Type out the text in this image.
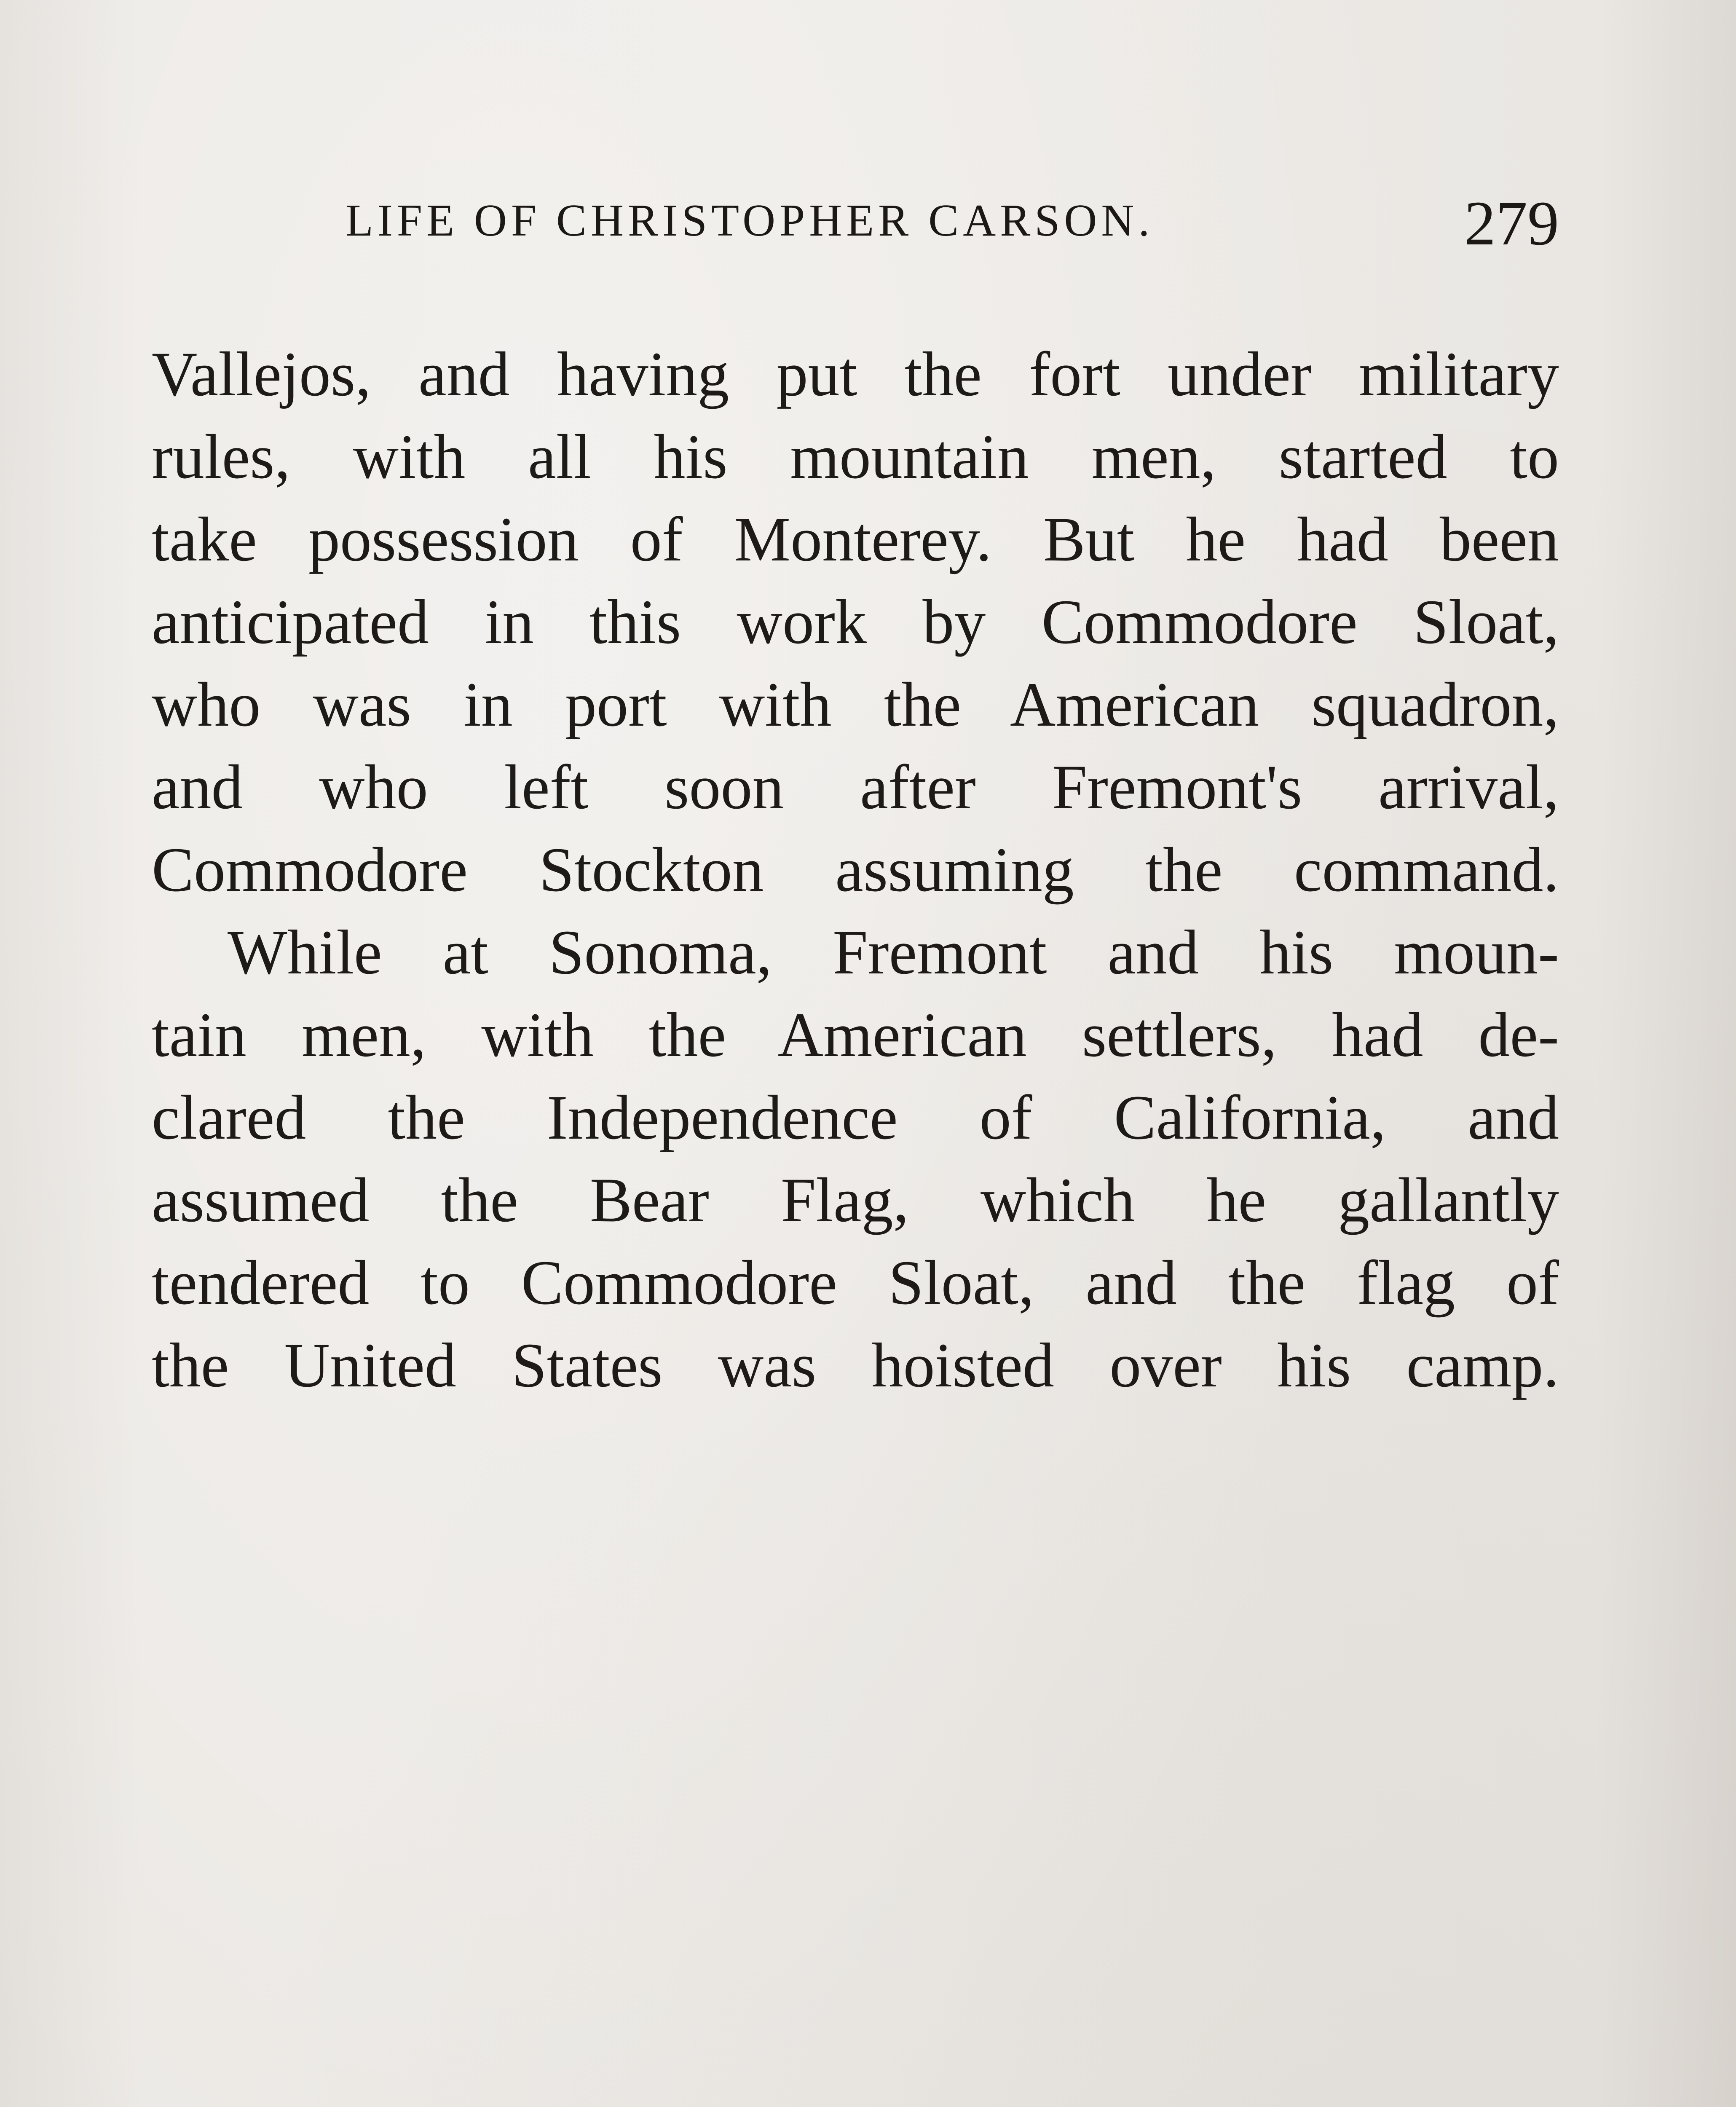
LIFE OF CHRISTOPHER CARSON.	279
Vallejos, and having put the fort under military
rules, with all his mountain men, started to
take possession of Monterey. But he had been
anticipated in this work by Commodore Sloat,
who was in port with the American squadron,
and who left soon after Fremont's arrival,
Commodore Stockton assuming the command.
While at Sonoma, Fremont and his moun-
tain men, with the American settlers, had de-
clared the Independence of California, and
assumed the Bear Flag, which he gallantly
tendered to Commodore Sloat, and the flag of
the United States was hoisted over his camp.
